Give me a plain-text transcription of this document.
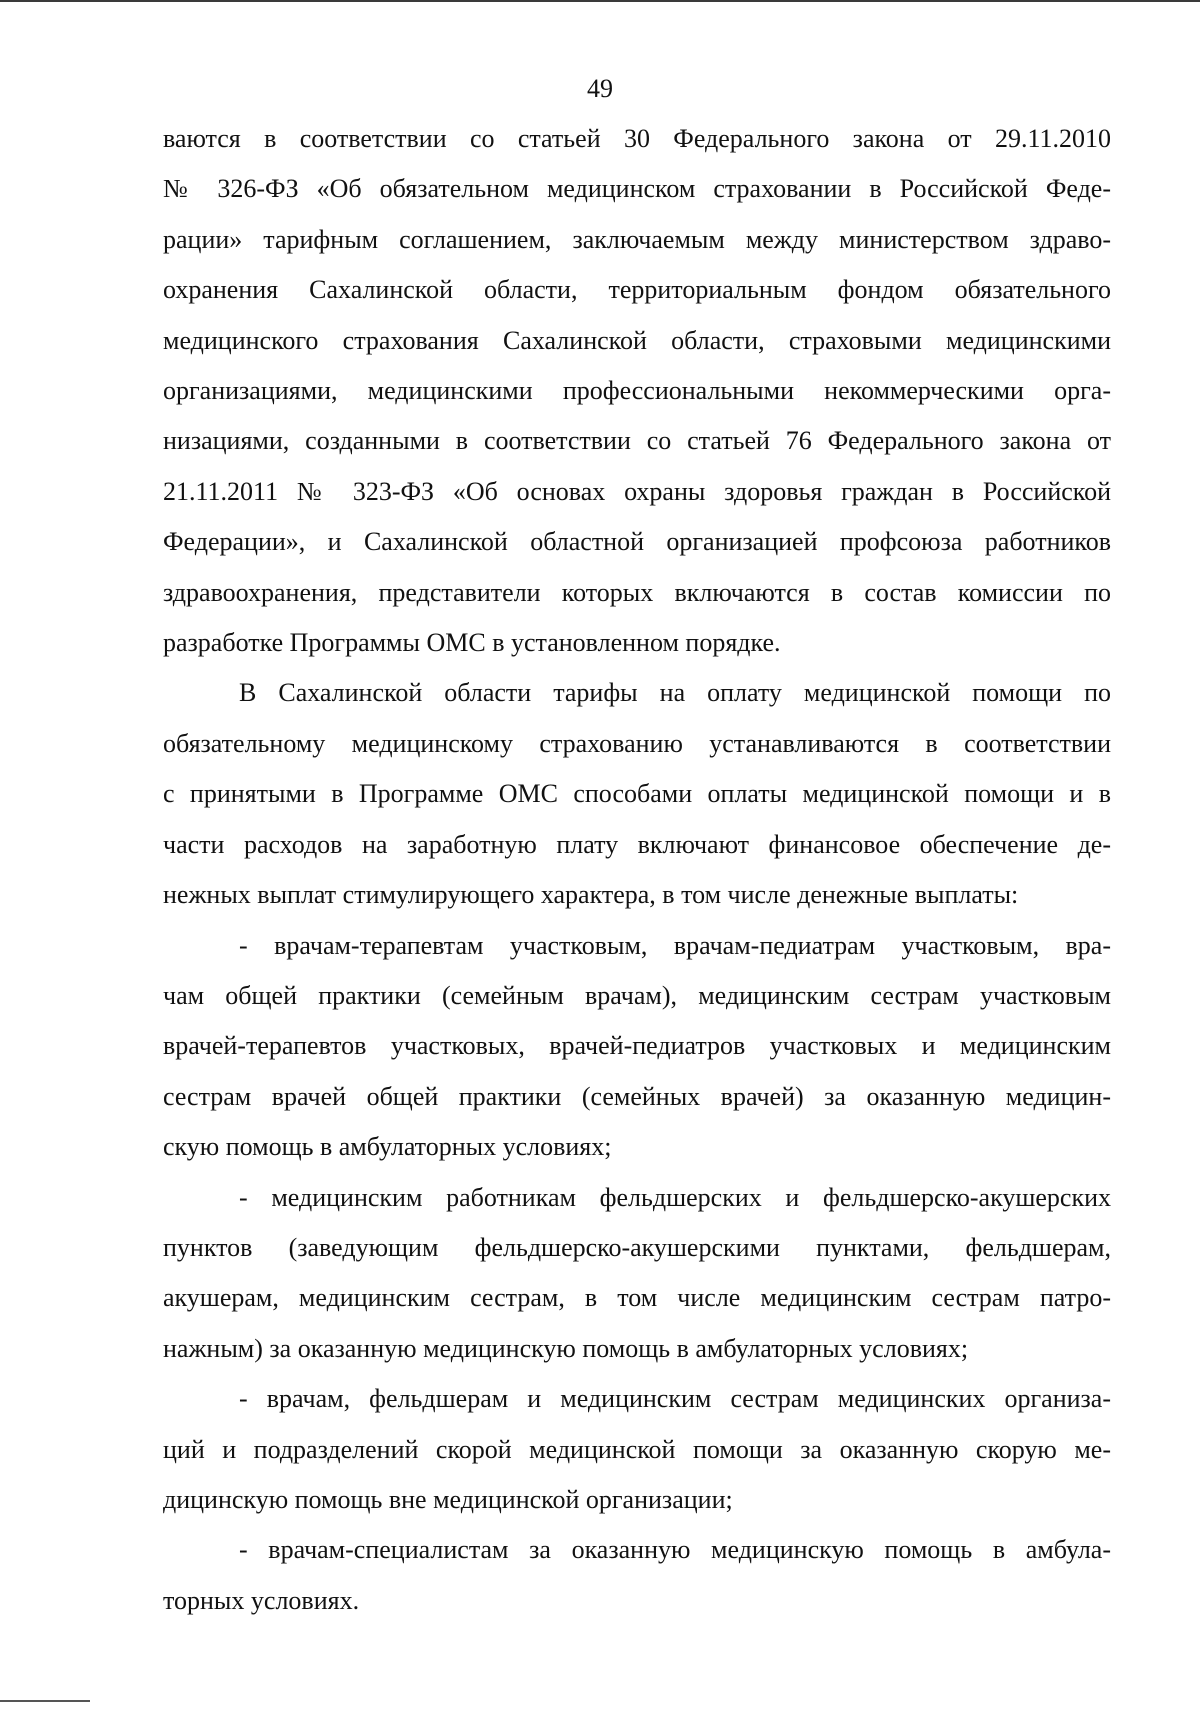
49

ваются в соответствии со статьей 30 Федерального закона от 29.11.2010
№ 326-ФЗ «Об обязательном медицинском страховании в Российской Феде-
рации» тарифным соглашением, заключаемым между министерством здраво-
охранения Сахалинской области, территориальным фондом обязательного
медицинского страхования Сахалинской области, страховыми медицинскими
организациями, медицинскими профессиональными некоммерческими орга-
низациями, созданными в соответствии со статьей 76 Федерального закона от
21.11.2011 № 323-ФЗ «Об основах охраны здоровья граждан в Российской
Федерации», и Сахалинской областной организацией профсоюза работников
здравоохранения, представители которых включаются в состав комиссии по
разработке Программы ОМС в установленном порядке.

В Сахалинской области тарифы на оплату медицинской помощи по
обязательному медицинскому страхованию устанавливаются в соответствии
с принятыми в Программе ОМС способами оплаты медицинской помощи и в
части расходов на заработную плату включают финансовое обеспечение де-
нежных выплат стимулирующего характера, в том числе денежные выплаты:

- врачам-терапевтам участковым, врачам-педиатрам участковым, вра-
чам общей практики (семейным врачам), медицинским сестрам участковым
врачей-терапевтов участковых, врачей-педиатров участковых и медицинским
сестрам врачей общей практики (семейных врачей) за оказанную медицин-
скую помощь в амбулаторных условиях;

- медицинским работникам фельдшерских и фельдшерско-акушерских
пунктов (заведующим фельдшерско-акушерскими пунктами, фельдшерам,
акушерам, медицинским сестрам, в том числе медицинским сестрам патро-
нажным) за оказанную медицинскую помощь в амбулаторных условиях;

- врачам, фельдшерам и медицинским сестрам медицинских организа-
ций и подразделений скорой медицинской помощи за оказанную скорую ме-
дицинскую помощь вне медицинской организации;

- врачам-специалистам за оказанную медицинскую помощь в амбула-
торных условиях.
